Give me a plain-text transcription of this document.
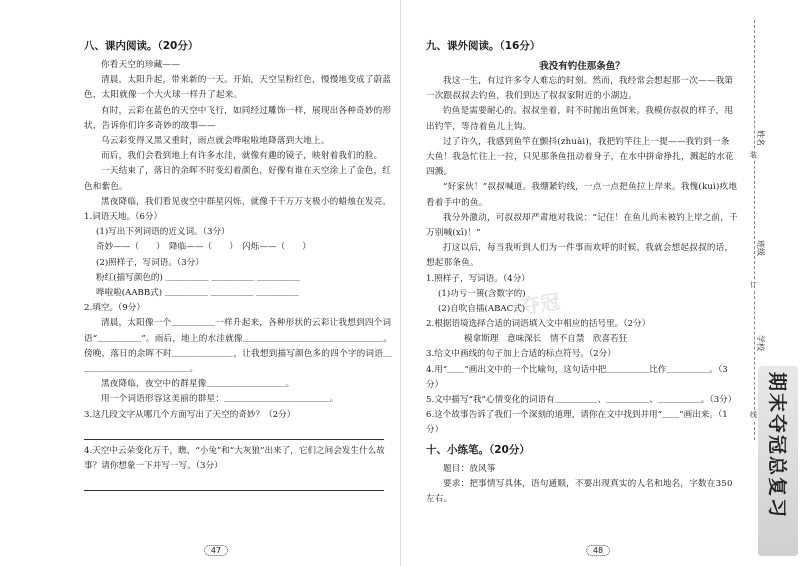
八、课内阅读。（20分）

你看天空的珍藏——

清晨，太阳升起，带来新的一天。开始，天空呈粉红色，慢慢地变成了蔚蓝色，太阳就像一个大火球一样升了起来。

有时，云彩在蓝色的天空中飞行，如同经过雕饰一样，展现出各种奇妙的形状，告诉你们许多奇妙的故事——

乌云彩变得又黑又重时，雨点就会哗啦啦地降落到大地上。

而后，我们会看到地上有许多水洼，就像有趣的镜子，映射着我们的脸。

一天结束了，落日的余晖不时变幻着颜色，好像有谁在天空涂上了金色，红色和紫色。

黑夜降临，我们看见夜空中群星闪烁，就像千千万万支极小的蜡烛在发亮。

1.词语天地。（6分）

(1)写出下列词语的近义词。（3分）

奇妙——（　　）　降临——（　　）　闪烁——（　　）

(2)照样子，写词语。（3分）

粉红(描写颜色的) ＿＿＿＿＿ ＿＿＿＿＿ ＿＿＿＿＿

哗啦啦(AABB式) ＿＿＿＿＿ ＿＿＿＿＿ ＿＿＿＿＿

2.填空。（9分）

清晨，太阳像一个＿＿＿＿＿一样升起来，各种形状的云彩让我想到四个词语“＿＿＿＿＿”。雨后，地上的水洼就像＿＿＿＿＿＿＿＿＿＿＿＿＿＿＿＿。傍晚，落日的余晖不时＿＿＿＿＿＿＿，让我想到描写颜色多的四个字的词语＿＿＿＿＿＿＿＿＿＿＿＿＿。

黑夜降临，夜空中的群星像＿＿＿＿＿＿＿＿＿。

用一个词语形容这美丽的群星：＿＿＿＿＿＿＿＿＿＿＿＿。

3.这几段文字从哪几个方面写出了天空的奇妙？（2分）

4.天空中云朵变化万千，瞧，“小兔”和“大灰狼”出来了，它们之间会发生什么故事？请你想象一下并写一写。（3分）

47
九、课外阅读。（16分）
我没有钓住那条鱼？

我这一生，有过许多令人难忘的时刻。然而，我经常会想起那一次——我第一次跟叔叔去钓鱼，我们到达了叔叔家附近的小湖边。

钓鱼是需要耐心的。叔叔坐着，时不时抛出鱼饵来。我模仿叔叔的样子，甩出钓竿，等待着鱼儿上钩。

过了许久，我感到鱼竿在颤抖(zhuài)，我把钓竿往上一提——我钓到一条大鱼！我急忙往上一拉，只见那条鱼扭动着身子，在水中拼命挣扎，溅起的水花四溅。

“好家伙！”叔叔喊道。我绷紧钓线，一点一点把鱼拉上岸来。我愧(kuì)疚地看着手中的鱼。

我分外激动，可叔叔却严肃地对我说：“记住！在鱼儿尚未被钓上岸之前，千万别喊(xī)！”

打这以后，每当我听到人们为一件事而欢呼的时候，我就会想起叔叔的话，想起那条鱼。

1.照样子，写词语。（4分）

(1)功亏一篑(含数字的)

(2)自吹自擂(ABAC式)

2.根据语境选择合适的词语填入文中相应的括号里。（2分）

模拿斯理　意味深长　情不自禁　欣喜若狂

3.给文中画线的句子加上合适的标点符号。（2分）

4.用“＿＿”画出文中的一个比喻句，这句话中把＿＿＿＿＿比作＿＿＿＿＿。（3分）

5.文中描写“我”心情变化的词语有＿＿＿＿＿、＿＿＿＿＿、＿＿＿＿＿。（3分）

6.这个故事告诉了我们一个深刻的道理，请你在文中找到并用“＿＿”画出来。（1分）

十、小练笔。（20分）

题目：放风筝

要求：把事情写具体，语句通顺，不要出现真实的人名和地名，字数在350左右。

48
装
订
线
姓名
班级
学校
期末夺冠总复习
夺冠
